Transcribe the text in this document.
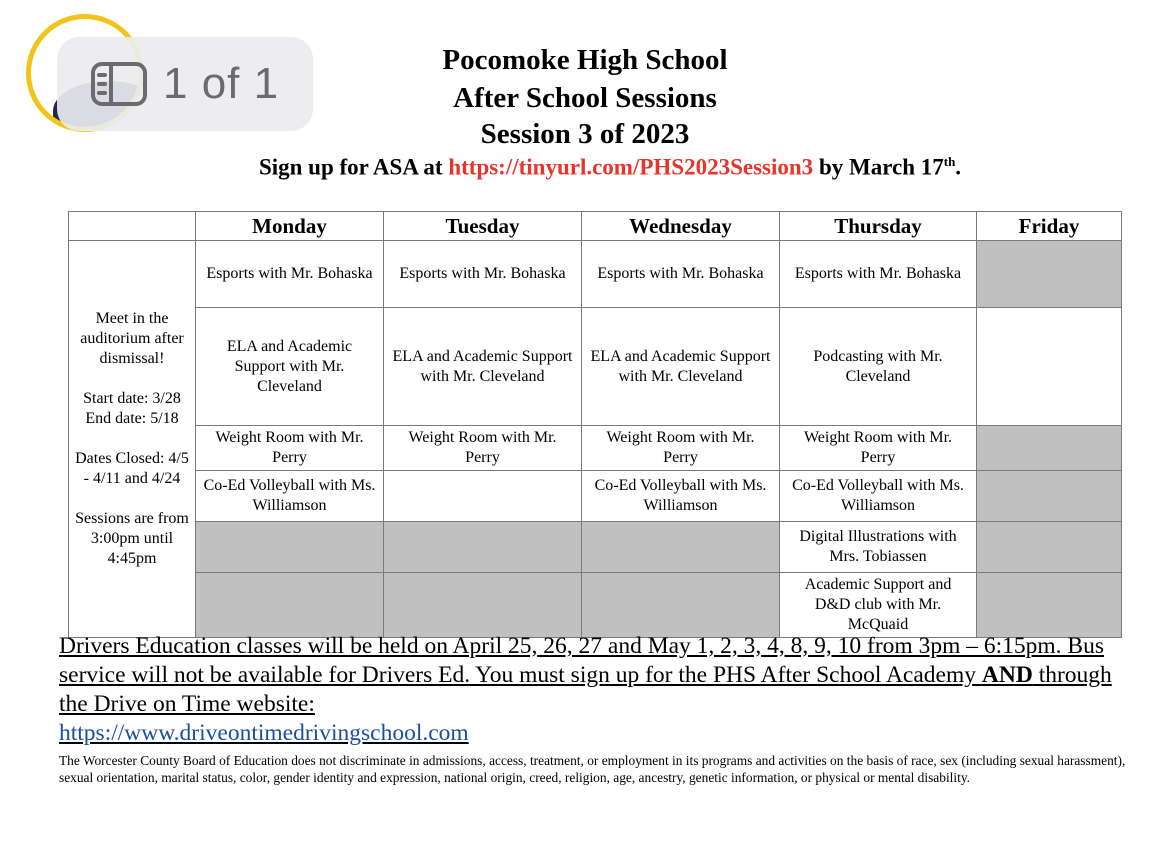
1 of 1	Pocomoke High School
After School Sessions
Session 3 of 2023
Sign up for ASA at https://tinyurl.com/PHS2023Session3 by March 17th.
	Monday	Tuesday	Wednesday	Thursday	Friday

Meet in the auditorium after dismissal!

Start date: 3/28
End date: 5/18

Dates Closed: 4/5 - 4/11 and 4/24

Sessions are from 3:00pm until 4:45pm	Esports with Mr. Bohaska	Esports with Mr. Bohaska	Esports with Mr. Bohaska	Esports with Mr. Bohaska	
	ELA and Academic Support with Mr. Cleveland	ELA and Academic Support with Mr. Cleveland	ELA and Academic Support with Mr. Cleveland	Podcasting with Mr. Cleveland	
	Weight Room with Mr. Perry	Weight Room with Mr. Perry	Weight Room with Mr. Perry	Weight Room with Mr. Perry	
	Co-Ed Volleyball with Ms. Williamson		Co-Ed Volleyball with Ms. Williamson	Co-Ed Volleyball with Ms. Williamson	
				Digital Illustrations with Mrs. Tobiassen	
				Academic Support and D&D club with Mr. McQuaid	
Drivers Education classes will be held on April 25, 26, 27 and May 1, 2, 3, 4, 8, 9, 10 from 3pm – 6:15pm. Bus service will not be available for Drivers Ed. You must sign up for the PHS After School Academy AND through the Drive on Time website:
https://www.driveontimedrivingschool.com
The Worcester County Board of Education does not discriminate in admissions, access, treatment, or employment in its programs and activities on the basis of race, sex (including sexual harassment), sexual orientation, marital status, color, gender identity and expression, national origin, creed, religion, age, ancestry, genetic information, or physical or mental disability.
